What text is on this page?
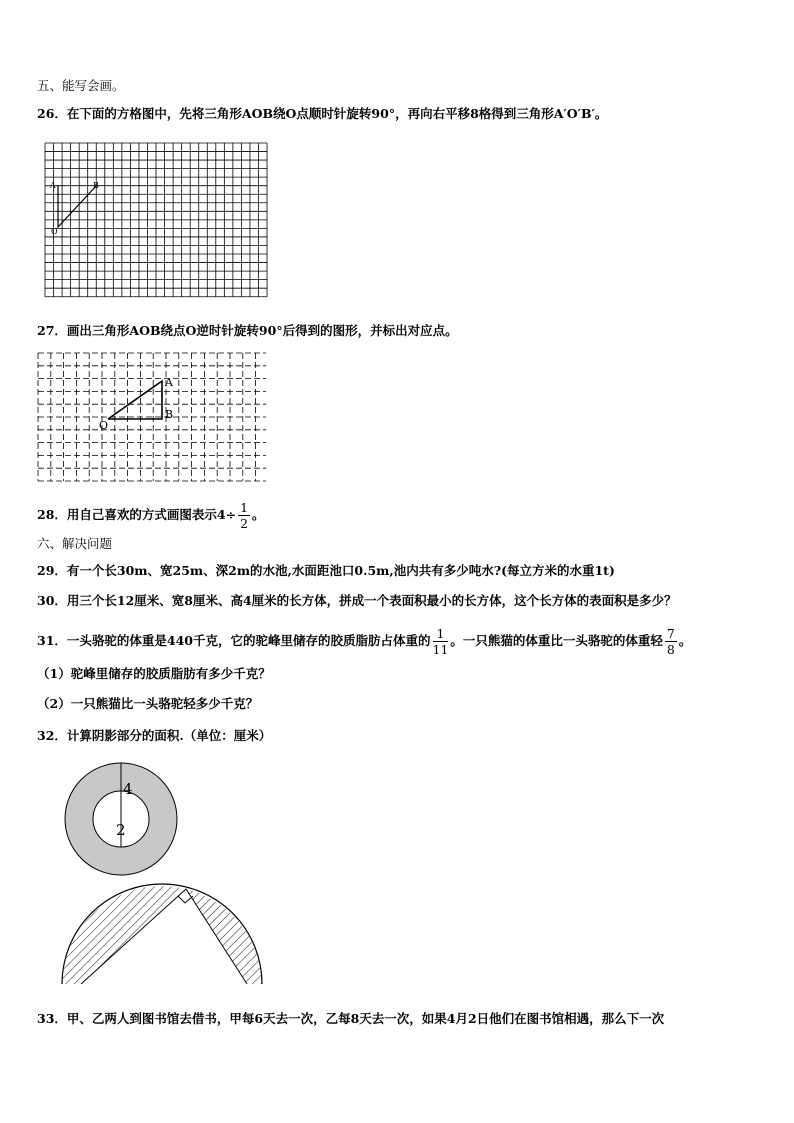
五、能写会画。
26．在下面的方格图中，先将三角形AOB绕O点顺时针旋转90°，再向右平移8格得到三角形A′O′B′。
A	B
O
27．画出三角形AOB绕点O逆时针旋转90°后得到的图形，并标出对应点。
A
B
O
28．用自己喜欢的方式画图表示$4\div \frac{1}{2}$ 。
六、解决问题
29．有一个长30m、宽25m、深2m的水池,水面距池口0.5m,池内共有多少吨水?(每立方米的水重1t)
30．用三个长12厘米、宽8厘米、高4厘米的长方体，拼成一个表面积最小的长方体，这个长方体的表面积是多少？
31．一头骆驼的体重是440千克，它的驼峰里储存的胶质脂肪占体重的 $\frac{1}{11}$ 。一只熊猫的体重比一头骆驼的体重轻 $\frac{7}{8}$ 。
（1）驼峰里储存的胶质脂肪有多少千克？
（2）一只熊猫比一头骆驼轻多少千克？
32．计算阴影部分的面积.（单位：厘米）
4
2
33．甲、乙两人到图书馆去借书，甲每6天去一次，乙每8天去一次，如果4月2日他们在图书馆相遇，那么下一次
